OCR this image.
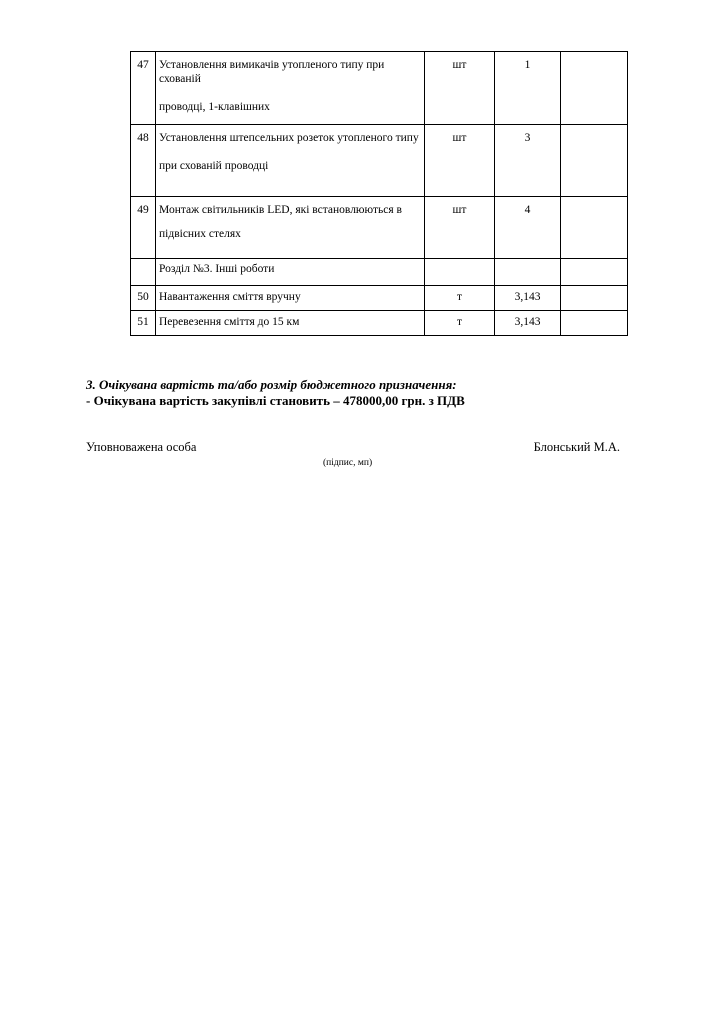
47	Установлення вимикачів утопленого типу при схованій
проводці, 1-клавішних	шт	1	
48	Установлення штепсельних розеток утопленого типу
при схованій проводці	шт	3	
49	Монтаж світильників LED, які встановлюються в
підвісних стелях	шт	4	
	Розділ №3. Інші роботи			
50	Навантаження сміття вручну	т	3,143	
51	Перевезення сміття до 15 км	т	3,143	
3. Очікувана вартість та/або розмір бюджетного призначення:
- Очікувана вартість закупівлі становить – 478000,00 грн. з ПДВ
Уповноважена особа	Блонський М.А.
(підпис, мп)
